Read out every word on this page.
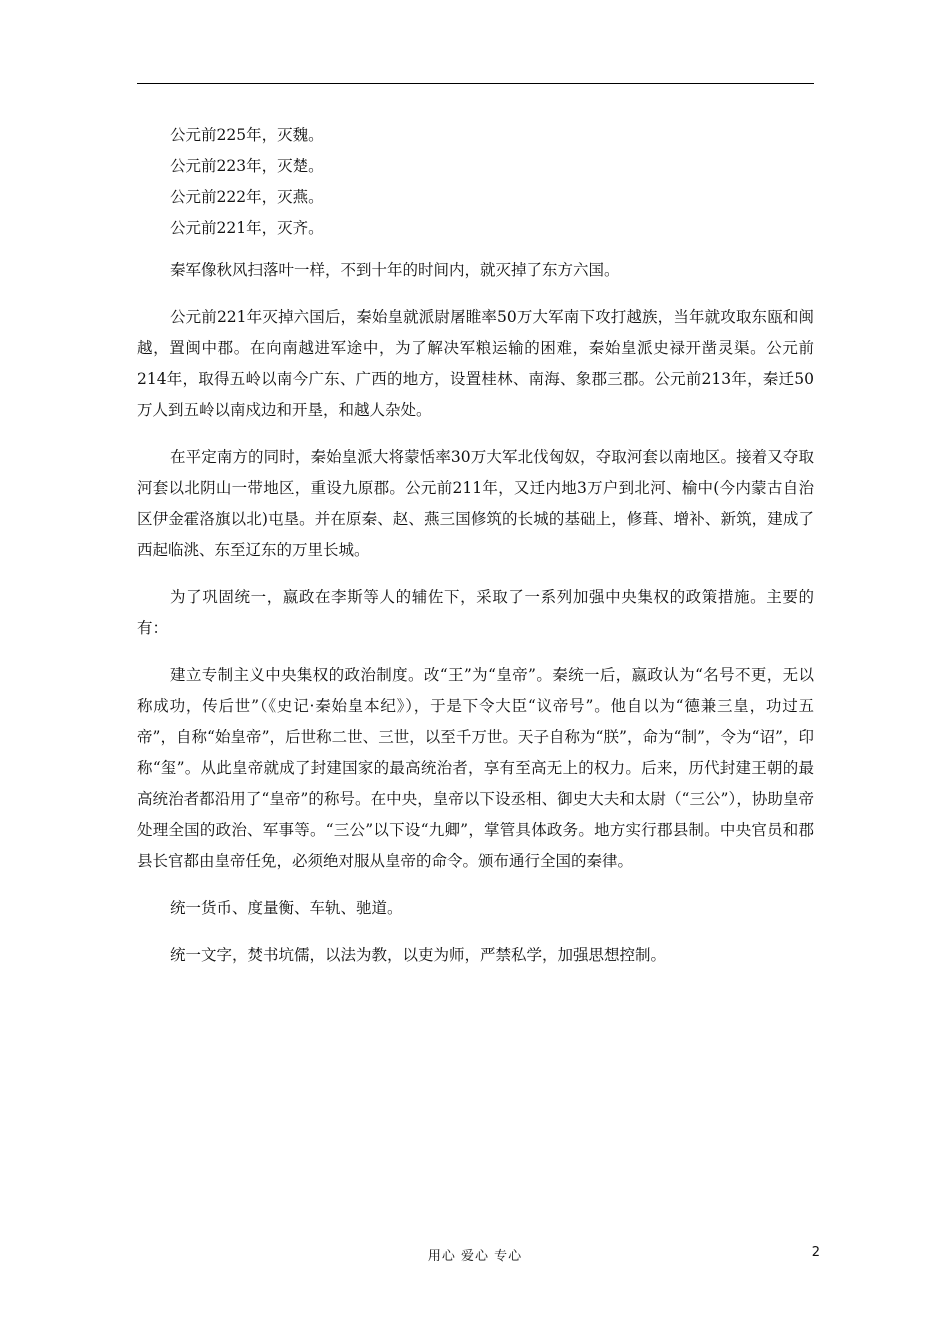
公元前225年，灭魏。

公元前223年，灭楚。

公元前222年，灭燕。

公元前221年，灭齐。

秦军像秋风扫落叶一样，不到十年的时间内，就灭掉了东方六国。

公元前221年灭掉六国后，秦始皇就派尉屠睢率50万大军南下攻打越族，当年就攻取东瓯和闽越，置闽中郡。在向南越进军途中，为了解决军粮运输的困难，秦始皇派史禄开凿灵渠。公元前214年，取得五岭以南今广东、广西的地方，设置桂林、南海、象郡三郡。公元前213年，秦迁50万人到五岭以南戍边和开垦，和越人杂处。

在平定南方的同时，秦始皇派大将蒙恬率30万大军北伐匈奴，夺取河套以南地区。接着又夺取河套以北阴山一带地区，重设九原郡。公元前211年，又迁内地3万户到北河、榆中(今内蒙古自治区伊金霍洛旗以北)屯垦。并在原秦、赵、燕三国修筑的长城的基础上，修葺、增补、新筑，建成了西起临洮、东至辽东的万里长城。

为了巩固统一，嬴政在李斯等人的辅佐下，采取了一系列加强中央集权的政策措施。主要的有：

建立专制主义中央集权的政治制度。改“王”为“皇帝”。秦统一后，嬴政认为“名号不更，无以称成功，传后世”（《史记·秦始皇本纪》），于是下令大臣“议帝号”。他自以为“德兼三皇，功过五帝”，自称“始皇帝”，后世称二世、三世，以至千万世。天子自称为“朕”，命为“制”，令为“诏”，印称“玺”。从此皇帝就成了封建国家的最高统治者，享有至高无上的权力。后来，历代封建王朝的最高统治者都沿用了“皇帝”的称号。在中央，皇帝以下设丞相、御史大夫和太尉（“三公”），协助皇帝处理全国的政治、军事等。“三公”以下设“九卿”，掌管具体政务。地方实行郡县制。中央官员和郡县长官都由皇帝任免，必须绝对服从皇帝的命令。颁布通行全国的秦律。

统一货币、度量衡、车轨、驰道。

统一文字，焚书坑儒，以法为教，以吏为师，严禁私学，加强思想控制。

用心 爱心 专心	2
